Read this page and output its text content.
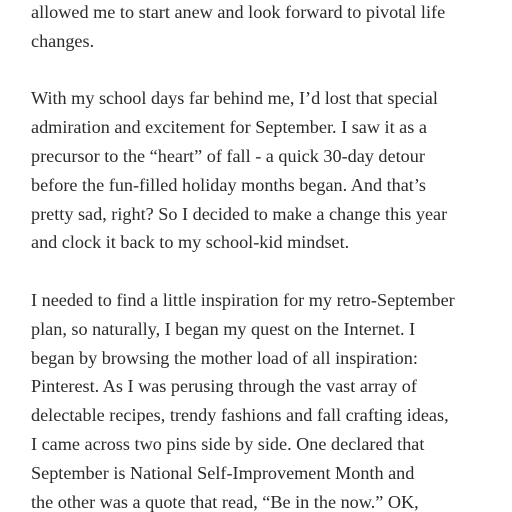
allowed me to start anew and look forward to pivotal life
changes.

With my school days far behind me, I’d lost that special
admiration and excitement for September. I saw it as a
precursor to the “heart” of fall - a quick 30-day detour
before the fun-filled holiday months began. And that’s
pretty sad, right? So I decided to make a change this year
and clock it back to my school-kid mindset.

I needed to find a little inspiration for my retro-September
plan, so naturally, I began my quest on the Internet. I
began by browsing the mother load of all inspiration:
Pinterest. As I was perusing through the vast array of
delectable recipes, trendy fashions and fall crafting ideas,
I came across two pins side by side. One declared that
September is National Self-Improvement Month and
the other was a quote that read, “Be in the now.” OK,
